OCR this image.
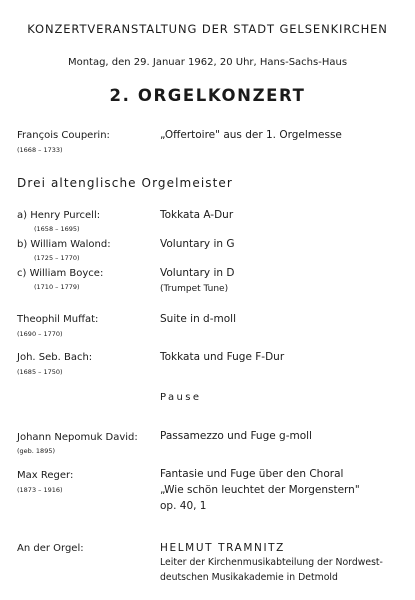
KONZERTVERANSTALTUNG DER STADT GELSENKIRCHEN
Montag, den 29. Januar 1962, 20 Uhr, Hans-Sachs-Haus
2. ORGELKONZERT
François Couperin:
(1668 – 1733)
„Offertoire" aus der 1. Orgelmesse
Drei altenglische Orgelmeister
a) Henry Purcell:
(1658 – 1695)
Tokkata A-Dur
b) William Walond:
(1725 – 1770)
Voluntary in G
c) William Boyce:
(1710 – 1779)
Voluntary in D
(Trumpet Tune)
Theophil Muffat:
(1690 – 1770)
Suite in d-moll
Joh. Seb. Bach:
(1685 – 1750)
Tokkata und Fuge F-Dur
Pause
Johann Nepomuk David:
(geb. 1895)
Passamezzo und Fuge g-moll
Max Reger:
(1873 – 1916)
Fantasie und Fuge über den Choral
„Wie schön leuchtet der Morgenstern"
op. 40, 1
An der Orgel:	HELMUT TRAMNITZ
Leiter der Kirchenmusikabteilung der Nordwest-
deutschen Musikakademie in Detmold
